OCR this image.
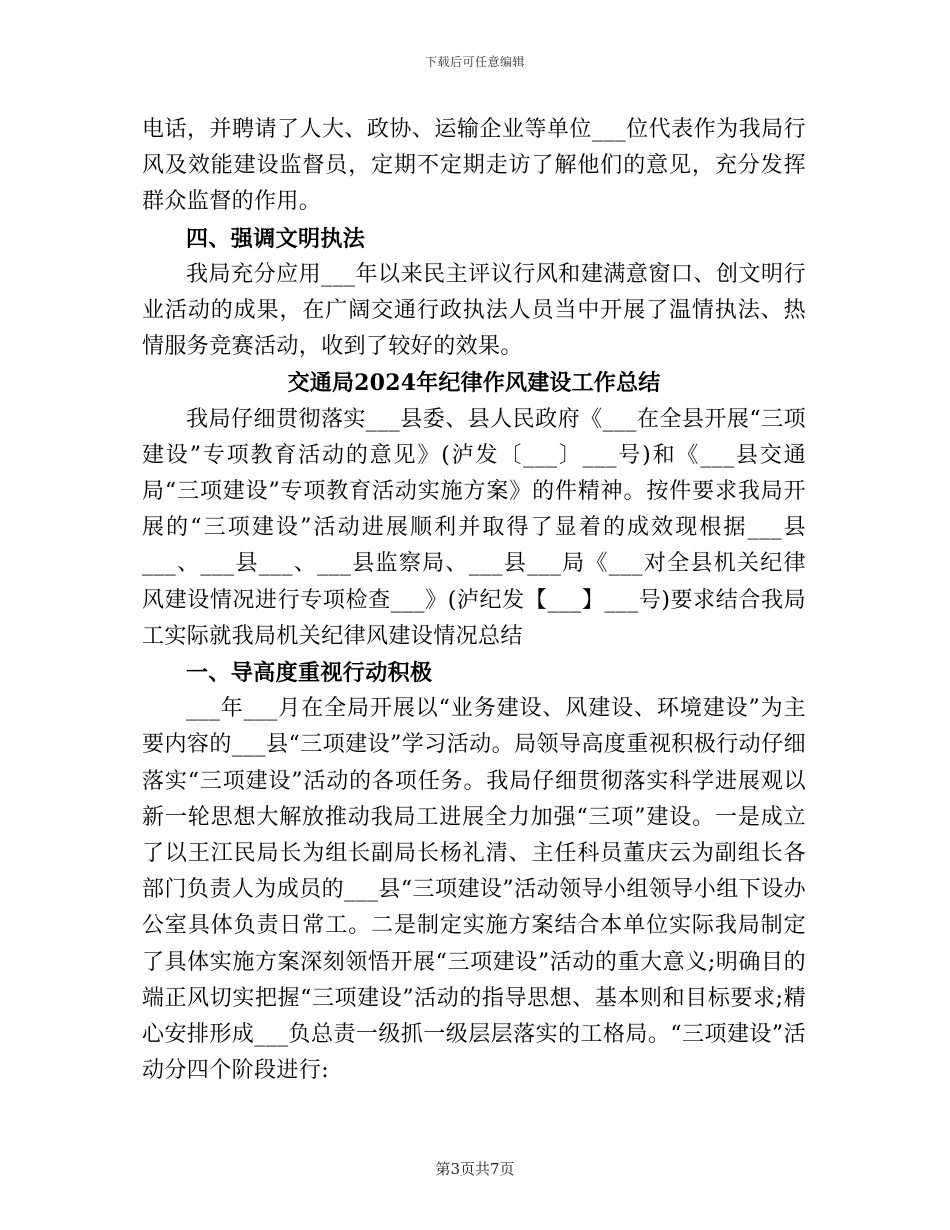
下载后可任意编辑

电话，并聘请了人大、政协、运输企业等单位___位代表作为我局行风及效能建设监督员，定期不定期走访了解他们的意见，充分发挥群众监督的作用。

四、强调文明执法

我局充分应用___年以来民主评议行风和建满意窗口、创文明行业活动的成果，在广阔交通行政执法人员当中开展了温情执法、热情服务竞赛活动，收到了较好的效果。

交通局2024年纪律作风建设工作总结

我局仔细贯彻落实___县委、县人民政府《___在全县开展“三项建设”专项教育活动的意见》(泸发〔___〕___号)和《___县交通局“三项建设”专项教育活动实施方案》的件精神。按件要求我局开展的“三项建设”活动进展顺利并取得了显着的成效现根据___县___、___县___、___县监察局、___县___局《___对全县机关纪律风建设情况进行专项检查___》(泸纪发【___】___号)要求结合我局工实际就我局机关纪律风建设情况总结

一、导高度重视行动积极

___年___月在全局开展以“业务建设、风建设、环境建设”为主要内容的___县“三项建设”学习活动。局领导高度重视积极行动仔细落实“三项建设”活动的各项任务。我局仔细贯彻落实科学进展观以新一轮思想大解放推动我局工进展全力加强“三项”建设。一是成立了以王江民局长为组长副局长杨礼清、主任科员董庆云为副组长各部门负责人为成员的___县“三项建设”活动领导小组领导小组下设办公室具体负责日常工。二是制定实施方案结合本单位实际我局制定了具体实施方案深刻领悟开展“三项建设”活动的重大意义;明确目的端正风切实把握“三项建设”活动的指导思想、基本则和目标要求;精心安排形成___负总责一级抓一级层层落实的工格局。“三项建设”活动分四个阶段进行:

第3页共7页
